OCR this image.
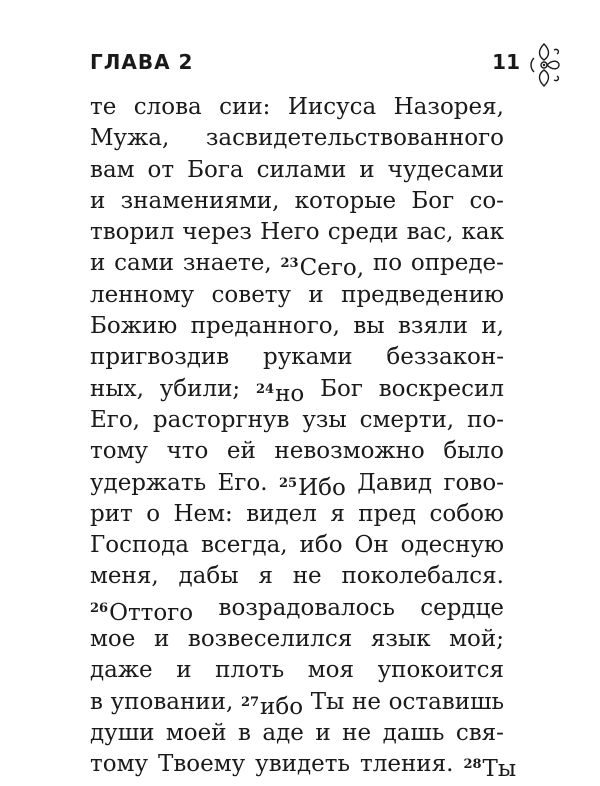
ГЛАВА 2	11
те слова сии: Иисуса Назорея,
Мужа, засвидетельствованного
вам от Бога силами и чудесами
и знамениями, которые Бог со-
творил через Него среди вас, как
и сами знаете, $^{23}$Сего, по опреде-
ленному совету и предведению
Божию преданного, вы взяли и,
пригвоздив руками беззакон-
ных, убили; $^{24}$но Бог воскресил
Его, расторгнув узы смерти, по-
тому что ей невозможно было
удержать Его. $^{25}$Ибо Давид гово-
рит о Нем: видел я пред собою
Господа всегда, ибо Он одесную
меня, дабы я не поколебался.
$^{26}$Оттого возрадовалось сердце
мое и возвеселился язык мой;
даже и плоть моя упокоится
в уповании, $^{27}$ибо Ты не оставишь
души моей в аде и не дашь свя-
тому Твоему увидеть тления. $^{28}$Ты
